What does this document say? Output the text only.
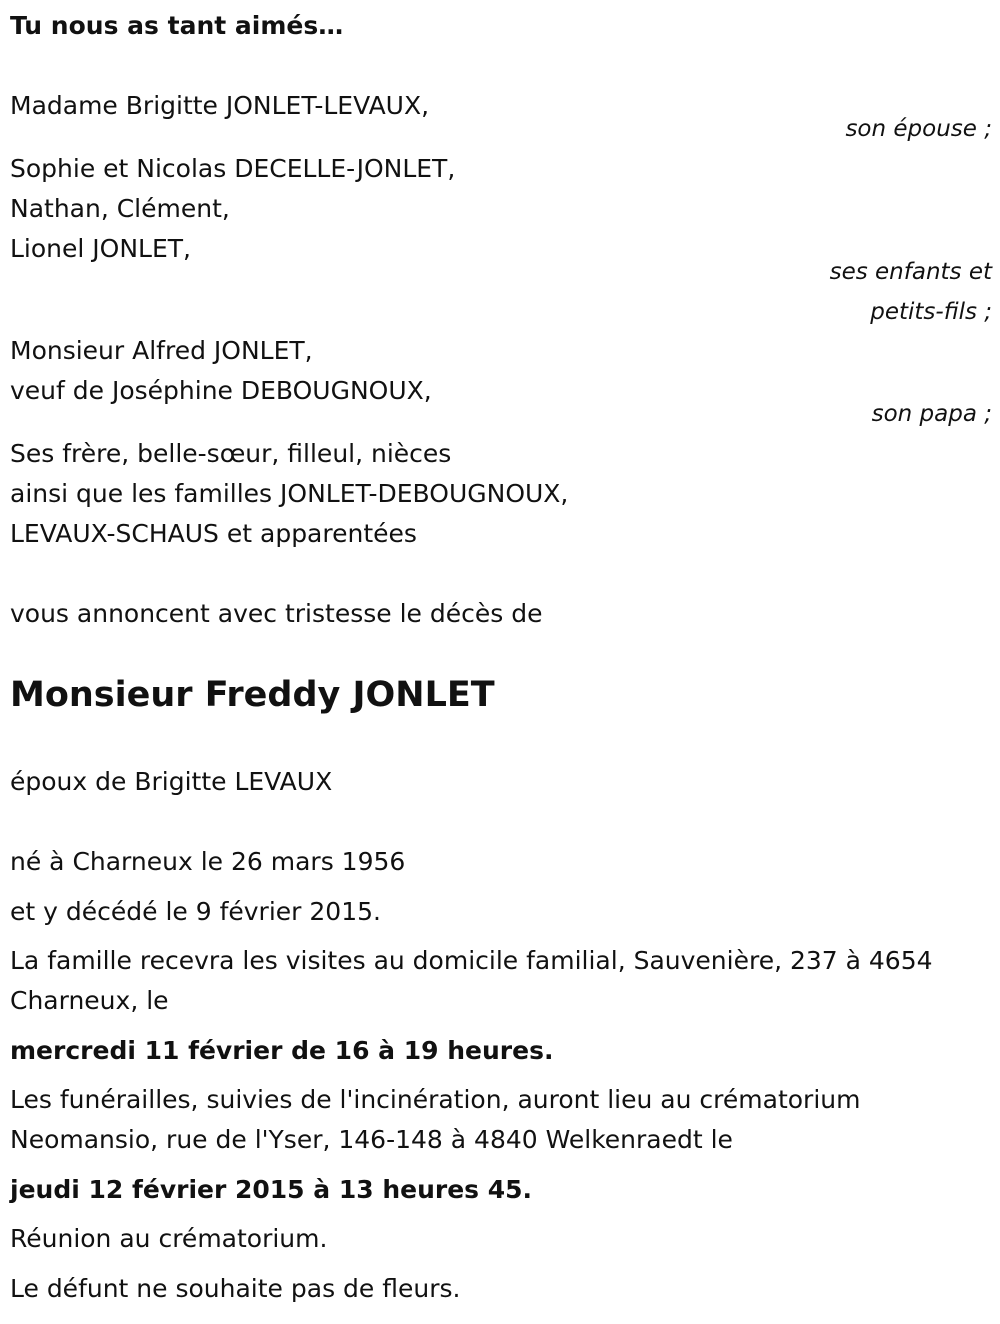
Tu nous as tant aimés…
Madame Brigitte JONLET-LEVAUX,
son épouse ;
Sophie et Nicolas DECELLE-JONLET,
Nathan, Clément,
Lionel JONLET,
ses enfants et
petits-fils ;
Monsieur Alfred JONLET,
veuf de Joséphine DEBOUGNOUX,
son papa ;
Ses frère, belle-sœur, filleul, nièces
ainsi que les familles JONLET-DEBOUGNOUX,
LEVAUX-SCHAUS et apparentées
vous annoncent avec tristesse le décès de
Monsieur Freddy JONLET
époux de Brigitte LEVAUX
né à Charneux le 26 mars 1956
et y décédé le 9 février 2015.
La famille recevra les visites au domicile familial, Sauvenière, 237 à 4654 Charneux, le
mercredi 11 février de 16 à 19 heures.
Les funérailles, suivies de l'incinération, auront lieu au crématorium Neomansio, rue de l'Yser, 146-148 à 4840 Welkenraedt le
jeudi 12 février 2015 à 13 heures 45.
Réunion au crématorium.
Le défunt ne souhaite pas de fleurs.
